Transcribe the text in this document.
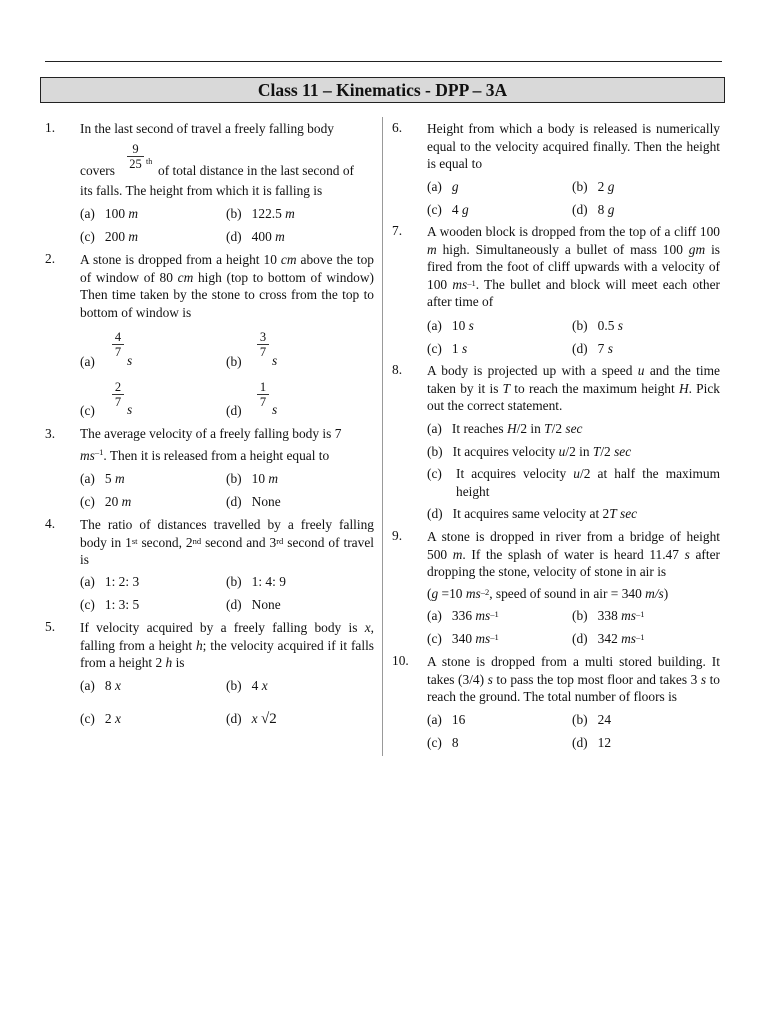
Class 11 – Kinematics - DPP – 3A
1. In the last second of travel a freely falling body
covers
9
25 th
of total distance in the last second of
its falls. The height from which it is falling is
(a) 100 m	(b) 122.5 m
(c) 200 m	(d) 400 m
2. A stone is dropped from a height 10 cm above the top of window of 80 cm high (top to bottom of window) Then time taken by the stone to cross from the top to bottom of window is
(a)
4
7
s	(b)
3
7
s
(c)
2
7 s	(d)
1
7 s
3. The average velocity of a freely falling body is 7
$ms^{-1}$. Then it is released from a height equal to
(a) 5 m	(b) 10 m
(c) 20 m	(d) None
4. The ratio of distances travelled by a freely falling body in 1st second, 2nd second and 3rd second of travel is
(a) 1: 2: 3	(b) 1: 4: 9
(c) 1: 3: 5	(d) None
5. If velocity acquired by a freely falling body is x, falling from a height h; the velocity acquired if it falls from a height 2 h is
(a) 8 x	(b) 4 x
(c) 2 x	(d) x √2
6. Height from which a body is released is numerically equal to the velocity acquired finally. Then the height is equal to
(a) g	(b) 2 g
(c) 4 g	(d) 8 g
7. A wooden block is dropped from the top of a cliff 100 m high. Simultaneously a bullet of mass 100 gm is fired from the foot of cliff upwards with a velocity of 100 $ms^{-1}$. The bullet and block will meet each other after time of
(a) 10 s	(b) 0.5 s
(c) 1 s	(d) 7 s
8. A body is projected up with a speed u and the time taken by it is T to reach the maximum height H. Pick out the correct statement.
(a) It reaches H/2 in T/2 sec
(b) It acquires velocity u/2 in T/2 sec
(c) It acquires velocity u/2 at half the maximum height
(d) It acquires same velocity at 2T sec
9. A stone is dropped in river from a bridge of height 500 m. If the splash of water is heard 11.47 s after dropping the stone, velocity of stone in air is
(g =10 $ms^{-2}$, speed of sound in air = 340 m/s)
(a) 336 $ms^{-1}$	(b) 338 $ms^{-1}$
(c) 340 $ms^{-1}$	(d) 342 $ms^{-1}$
10. A stone is dropped from a multi stored building. It takes (3/4) s to pass the top most floor and takes 3 s to reach the ground. The total number of floors is
(a) 16	(b) 24
(c) 8	(d) 12
